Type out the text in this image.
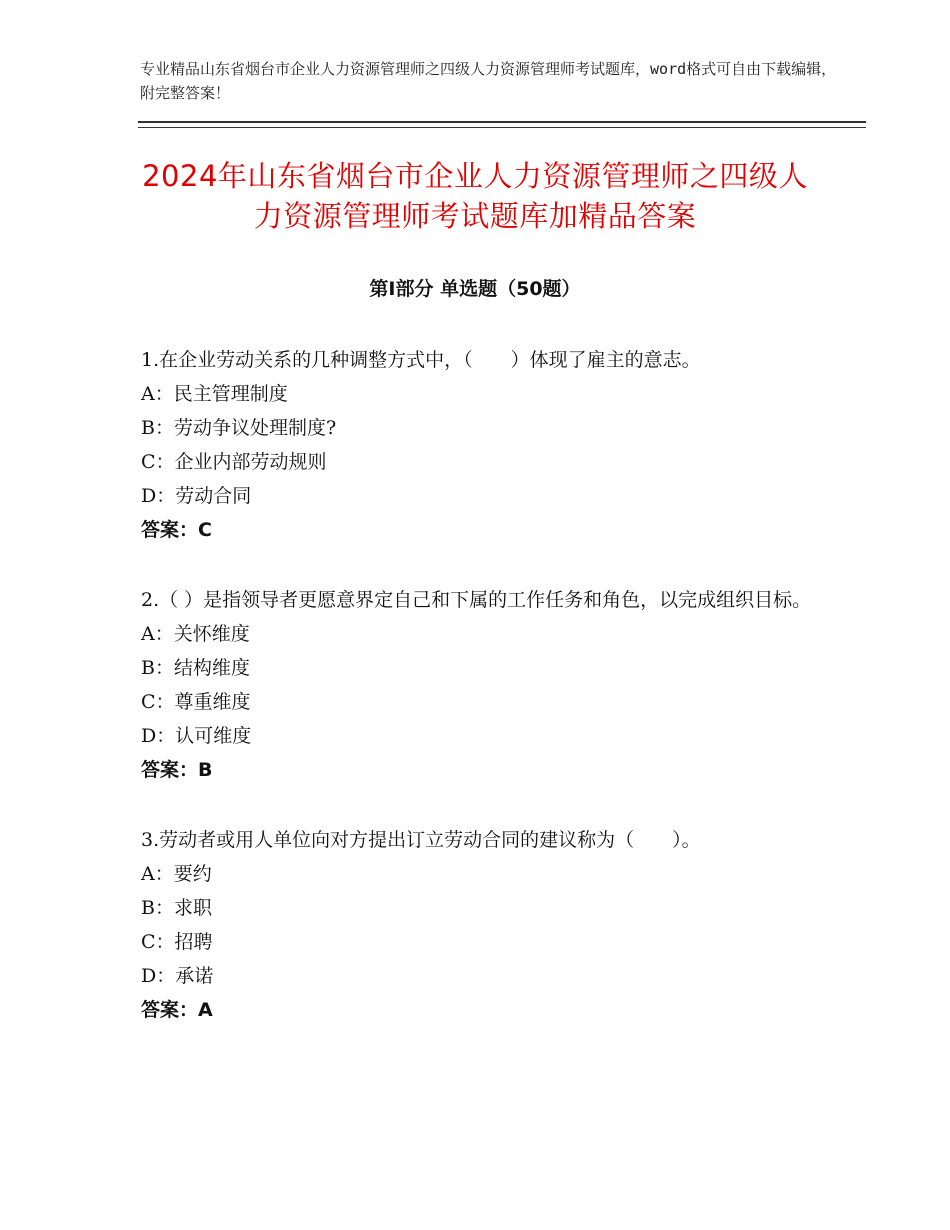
专业精品山东省烟台市企业人力资源管理师之四级人力资源管理师考试题库，word格式可自由下载编辑，附完整答案！
2024年山东省烟台市企业人力资源管理师之四级人力资源管理师考试题库加精品答案
第Ⅰ部分 单选题（50题）
1.在企业劳动关系的几种调整方式中，（　　）体现了雇主的意志。
A：民主管理制度
B：劳动争议处理制度?
C：企业内部劳动规则
D：劳动合同
答案：C
2.（ ）是指领导者更愿意界定自己和下属的工作任务和角色，以完成组织目标。
A：关怀维度
B：结构维度
C：尊重维度
D：认可维度
答案：B
3.劳动者或用人单位向对方提出订立劳动合同的建议称为（　　）。
A：要约
B：求职
C：招聘
D：承诺
答案：A
